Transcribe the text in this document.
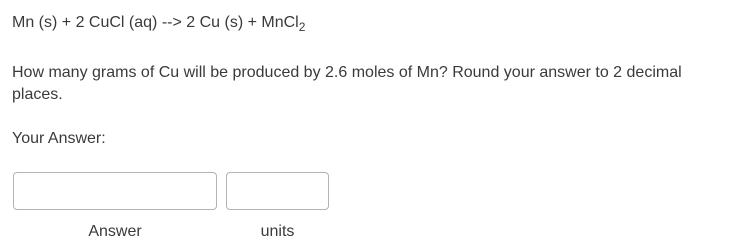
Mn (s) + 2 CuCl (aq) --> 2 Cu (s) + MnCl$_2$
How many grams of Cu will be produced by 2.6 moles of Mn? Round your answer to 2 decimal places.
Your Answer:
Answer	units
